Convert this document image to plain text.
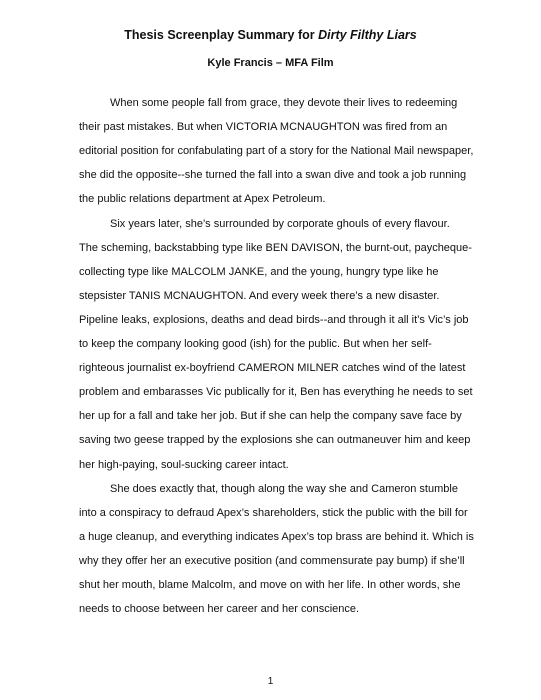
Thesis Screenplay Summary for Dirty Filthy Liars
Kyle Francis – MFA Film
When some people fall from grace, they devote their lives to redeeming
their past mistakes. But when VICTORIA MCNAUGHTON was fired from an
editorial position for confabulating part of a story for the National Mail newspaper,
she did the opposite--she turned the fall into a swan dive and took a job running
the public relations department at Apex Petroleum.
Six years later, she’s surrounded by corporate ghouls of every flavour.
The scheming, backstabbing type like BEN DAVISON, the burnt-out, paycheque-
collecting type like MALCOLM JANKE, and the young, hungry type like he
stepsister TANIS MCNAUGHTON. And every week there’s a new disaster.
Pipeline leaks, explosions, deaths and dead birds--and through it all it’s Vic’s job
to keep the company looking good (ish) for the public. But when her self-
righteous journalist ex-boyfriend CAMERON MILNER catches wind of the latest
problem and embarasses Vic publically for it, Ben has everything he needs to set
her up for a fall and take her job. But if she can help the company save face by
saving two geese trapped by the explosions she can outmaneuver him and keep
her high-paying, soul-sucking career intact.
She does exactly that, though along the way she and Cameron stumble
into a conspiracy to defraud Apex’s shareholders, stick the public with the bill for
a huge cleanup, and everything indicates Apex’s top brass are behind it. Which is
why they offer her an executive position (and commensurate pay bump) if she’ll
shut her mouth, blame Malcolm, and move on with her life. In other words, she
needs to choose between her career and her conscience.
1
